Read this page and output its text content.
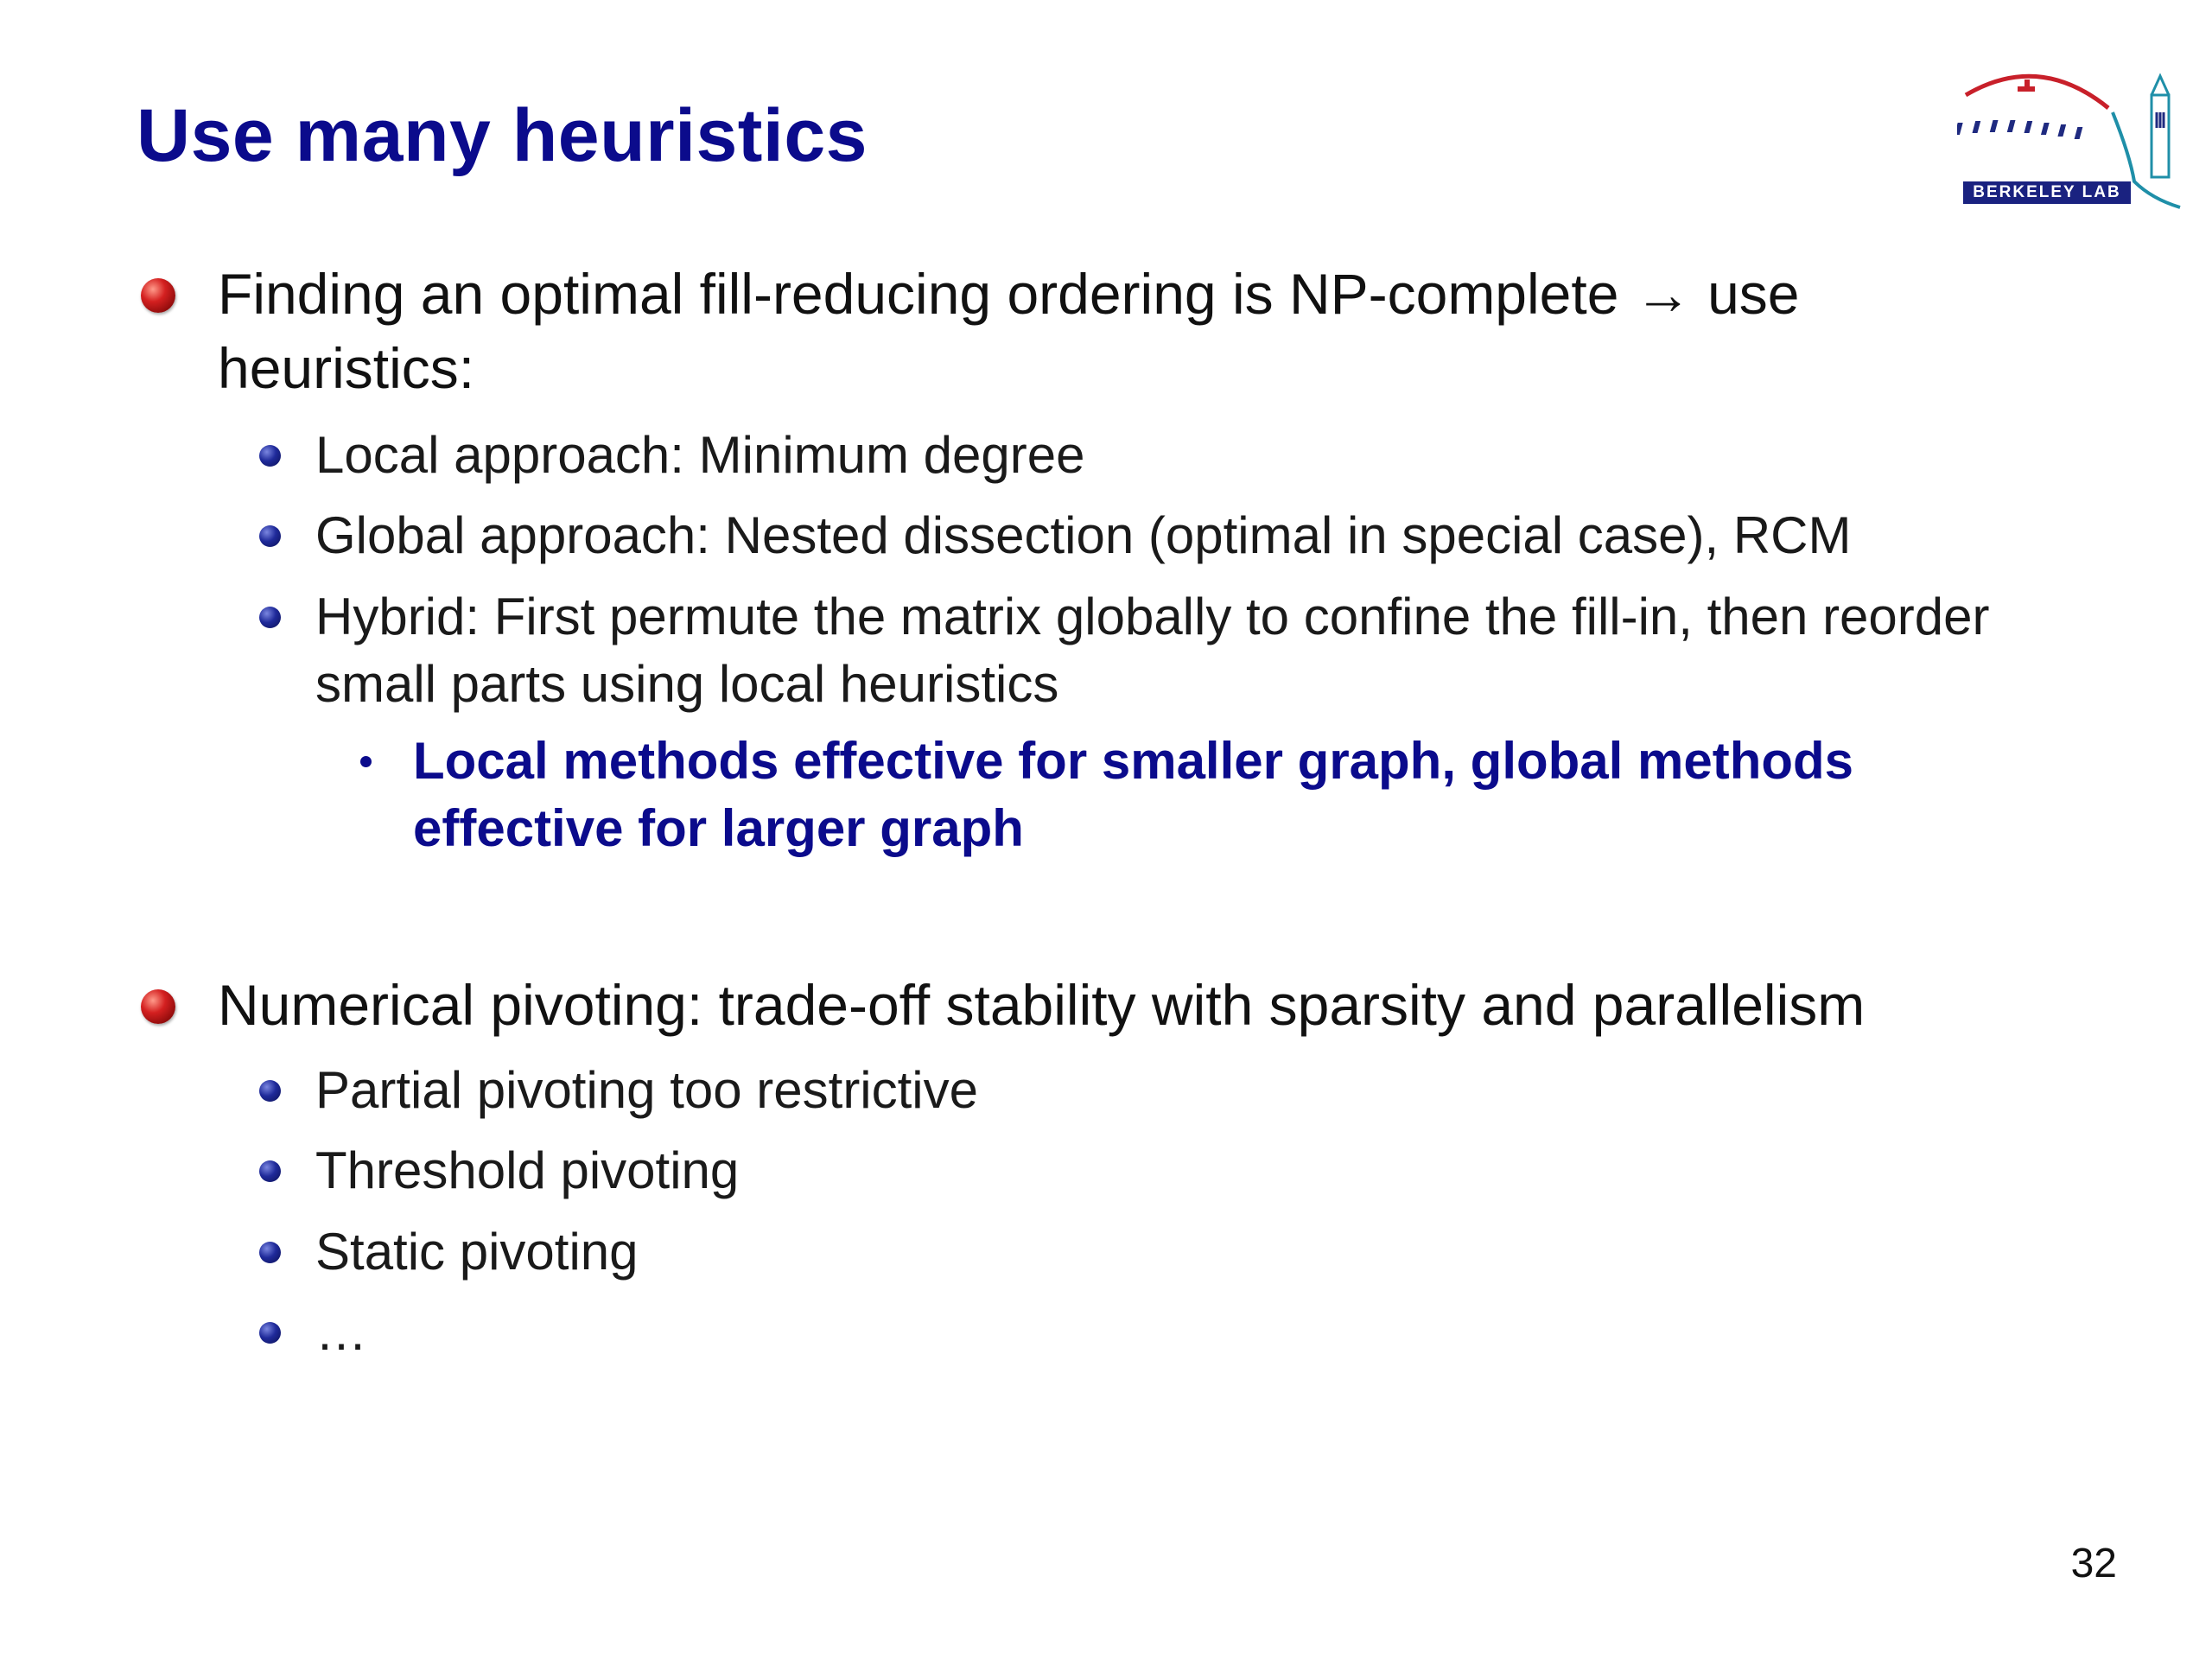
Use many heuristics
BERKELEY LAB
Finding an optimal fill-reducing ordering is NP-complete → use heuristics:
Local approach: Minimum degree
Global approach: Nested dissection (optimal in special case), RCM
Hybrid: First permute the matrix globally to confine the fill-in, then reorder small parts using local heuristics
Local methods effective for smaller graph, global methods effective for larger graph
Numerical pivoting: trade-off stability with sparsity and parallelism
Partial pivoting too restrictive
Threshold pivoting
Static pivoting
…
32
